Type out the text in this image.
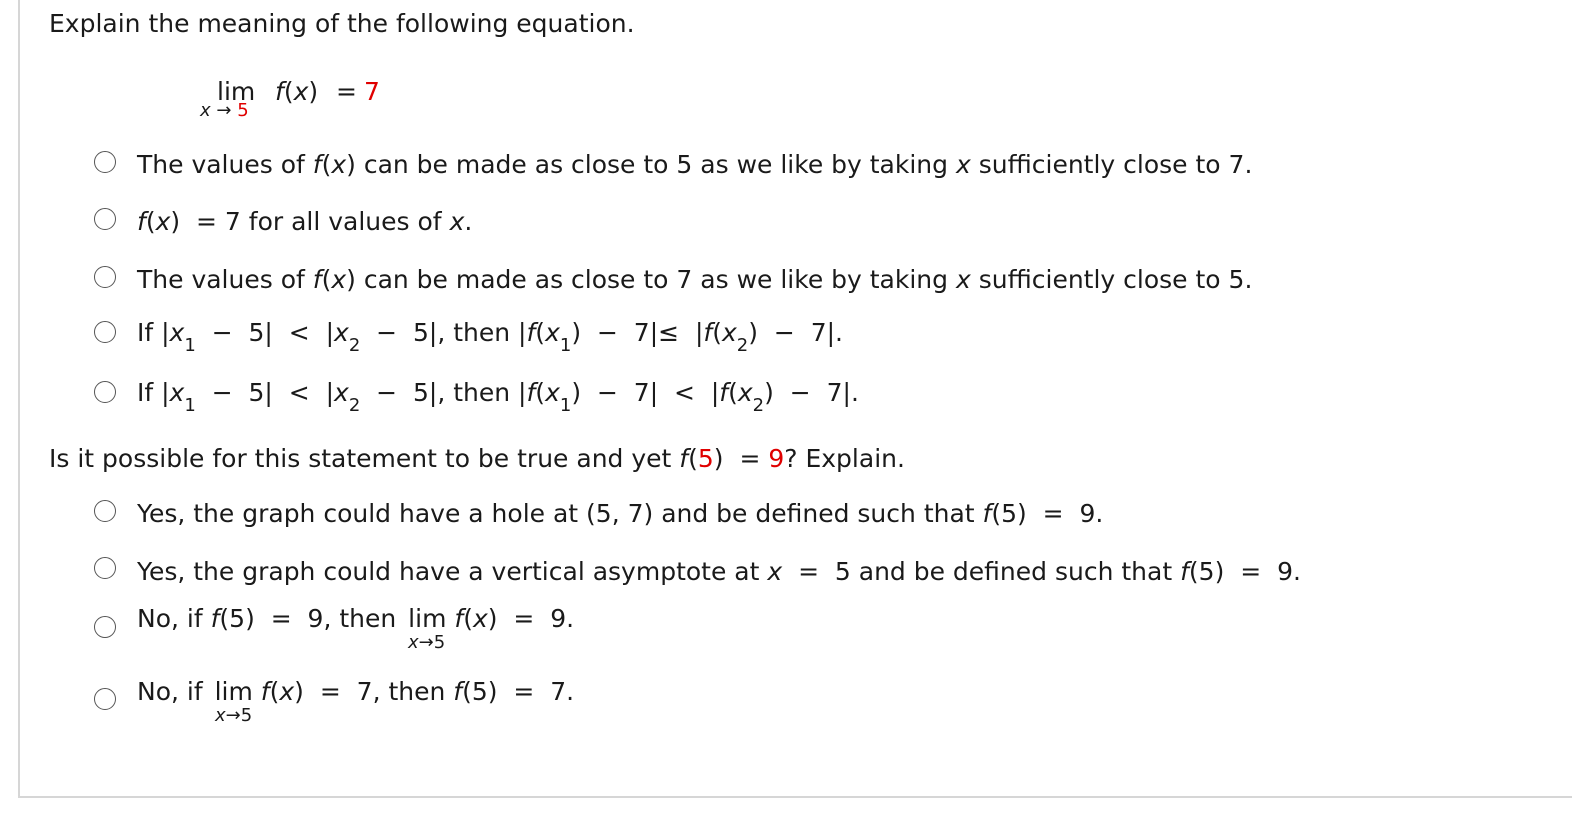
Explain the meaning of the following equation.
lim
x → 5
f(x) = 7
The values of f(x) can be made as close to 5 as we like by taking x sufficiently close to 7.
f(x)  = 7 for all values of x.
The values of f(x) can be made as close to 7 as we like by taking x sufficiently close to 5.
If $|x_1 - 5| < |x_2 - 5|$, then $|f(x_1) - 7|\le |f(x_2) - 7|$.
If $|x_1 - 5| < |x_2 - 5|$, then $|f(x_1) - 7| < |f(x_2) - 7|$.
Is it possible for this statement to be true and yet f(5)  = 9? Explain.
Yes, the graph could have a hole at (5, 7) and be defined such that f(5)  =  9.
Yes, the graph could have a vertical asymptote at x  =  5 and be defined such that f(5)  =  9.
No, if f(5)  =  9, then lim f(x)  =  9.
x→5
No, if lim f(x)  =  7, then f(5)  =  7.
x→5
